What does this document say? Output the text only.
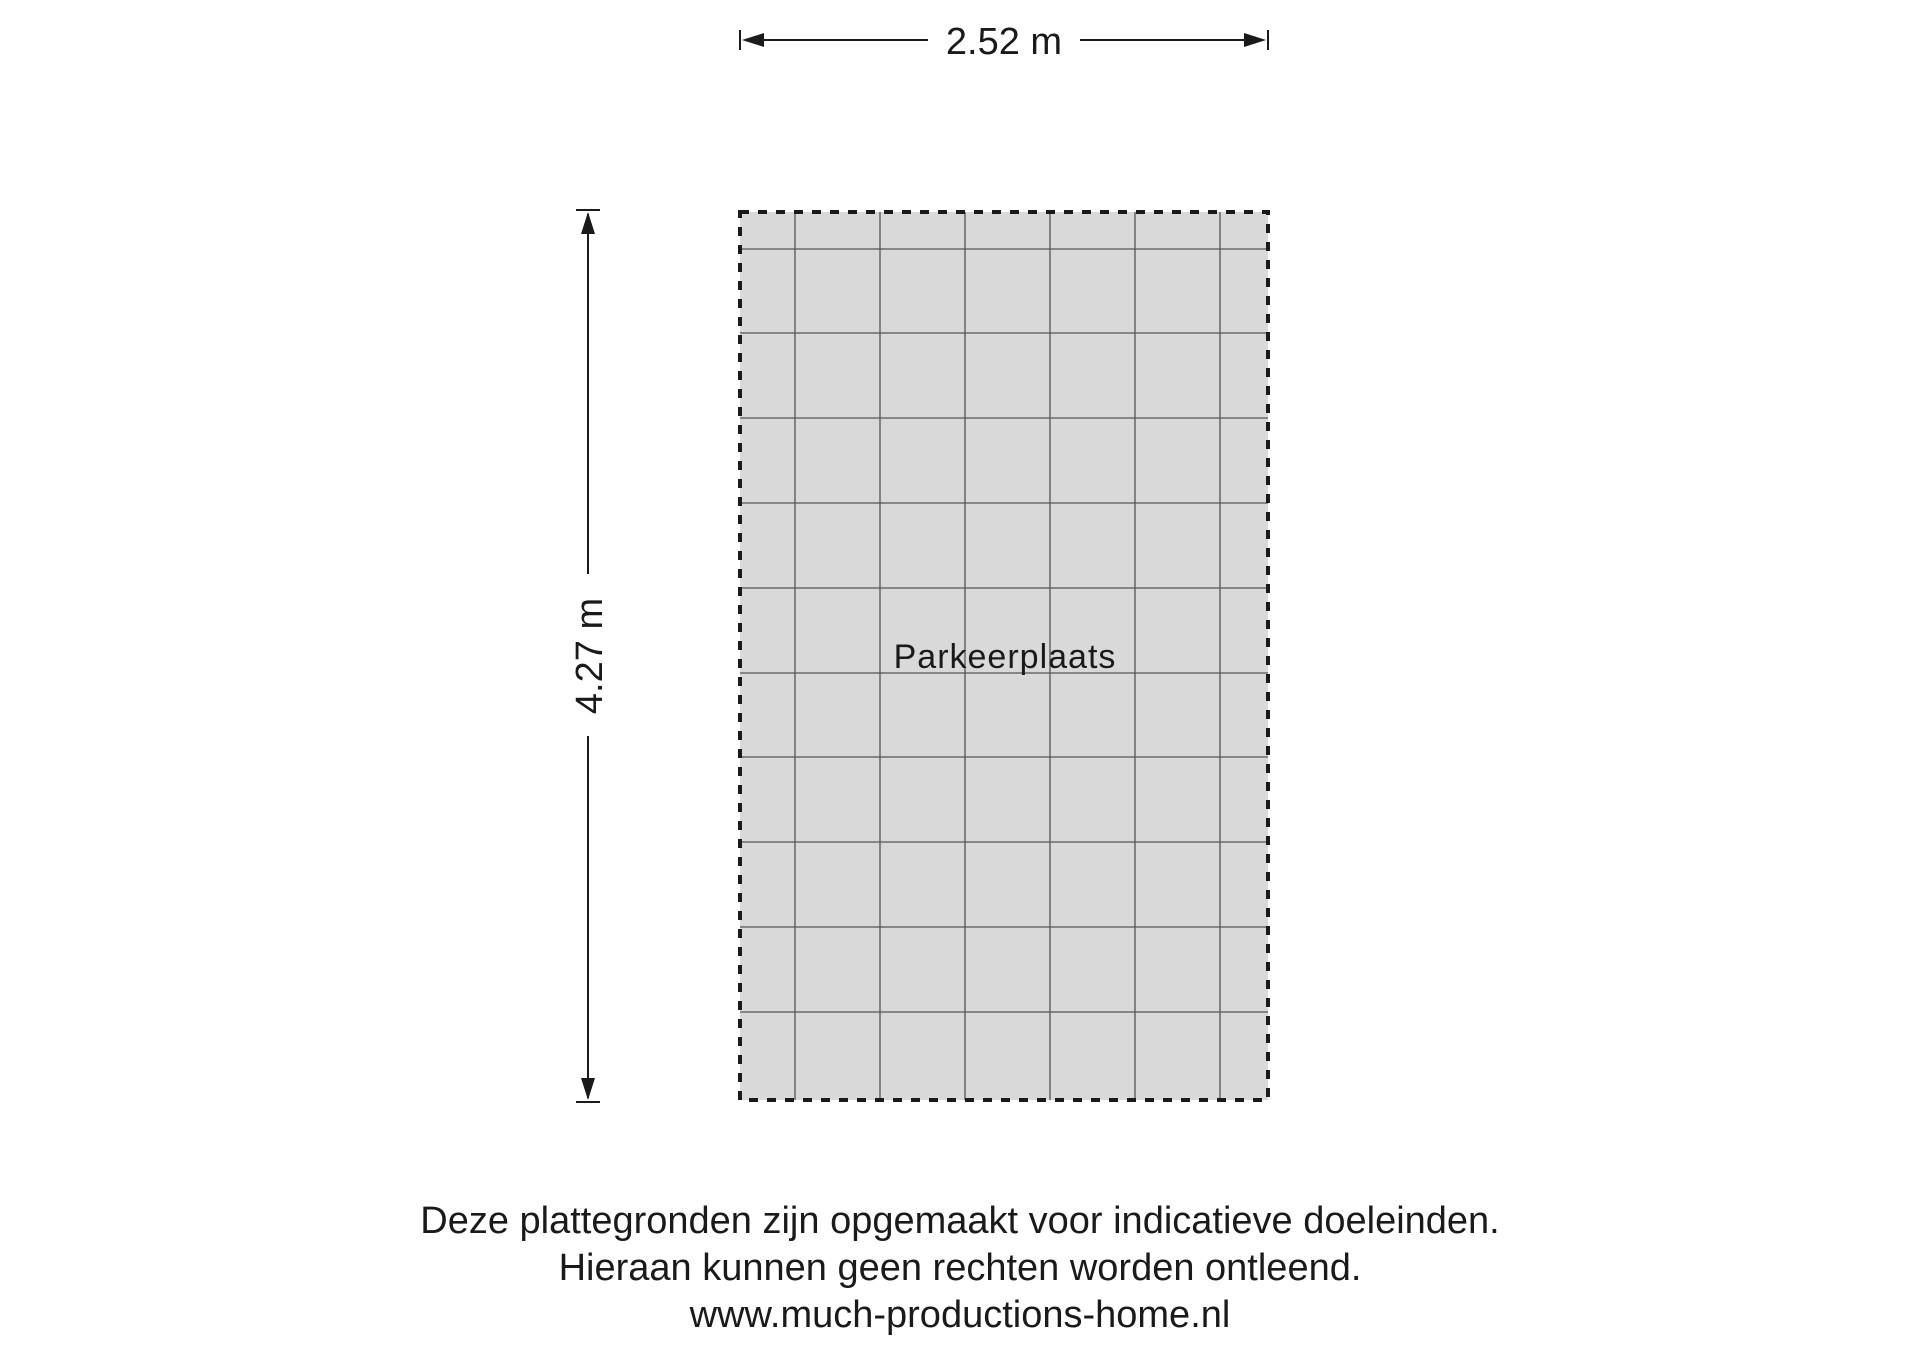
Parkeerplaats
2.52 m
4.27 m
Deze plattegronden zijn opgemaakt voor indicatieve doeleinden.
Hieraan kunnen geen rechten worden ontleend.
www.much-productions-home.nl
